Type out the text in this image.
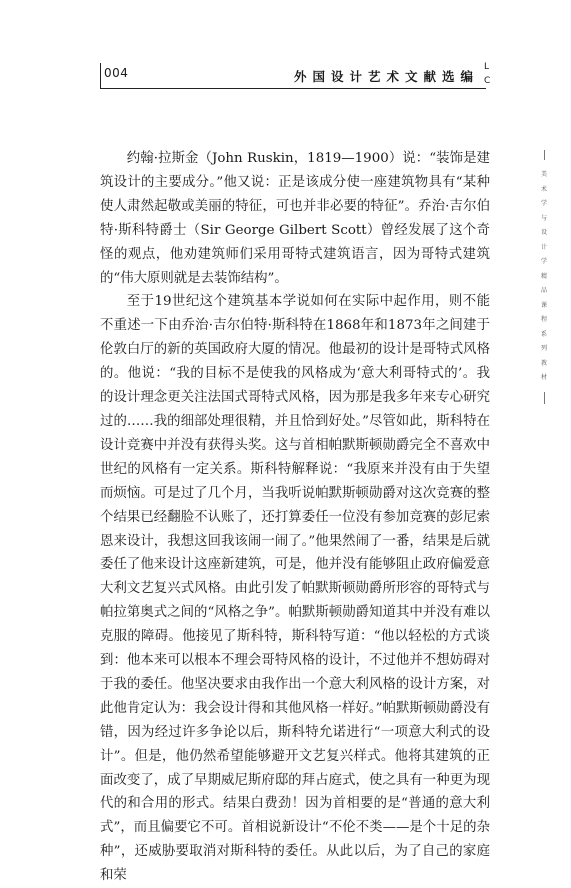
004	外国设计艺术文献选编
L
C
美
术
学
与
设
计
学
精
品
课
程
系
列
教
材

约翰·拉斯金（John Ruskin，1819—1900）说：“装饰是建筑设计的主要成分。”他又说：正是该成分使一座建筑物具有“某种使人肃然起敬或美丽的特征，可也并非必要的特征”。乔治·吉尔伯特·斯科特爵士（Sir George Gilbert Scott）曾经发展了这个奇怪的观点，他劝建筑师们采用哥特式建筑语言，因为哥特式建筑的“伟大原则就是去装饰结构”。

至于19世纪这个建筑基本学说如何在实际中起作用，则不能不重述一下由乔治·吉尔伯特·斯科特在1868年和1873年之间建于伦敦白厅的新的英国政府大厦的情况。他最初的设计是哥特式风格的。他说：“我的目标不是使我的风格成为‘意大利哥特式的’。我的设计理念更关注法国式哥特式风格，因为那是我多年来专心研究过的……我的细部处理很精，并且恰到好处。”尽管如此，斯科特在设计竞赛中并没有获得头奖。这与首相帕默斯顿勋爵完全不喜欢中世纪的风格有一定关系。斯科特解释说：“我原来并没有由于失望而烦恼。可是过了几个月，当我听说帕默斯顿勋爵对这次竞赛的整个结果已经翻脸不认账了，还打算委任一位没有参加竞赛的彭尼索恩来设计，我想这回我该闹一闹了。”他果然闹了一番，结果是后就委任了他来设计这座新建筑，可是，他并没有能够阻止政府偏爱意大利文艺复兴式风格。由此引发了帕默斯顿勋爵所形容的哥特式与帕拉第奥式之间的“风格之争”。帕默斯顿勋爵知道其中并没有难以克服的障碍。他接见了斯科特，斯科特写道：“他以轻松的方式谈到：他本来可以根本不理会哥特风格的设计，不过他并不想妨碍对于我的委任。他坚决要求由我作出一个意大利风格的设计方案，对此他肯定认为：我会设计得和其他风格一样好。”帕默斯顿勋爵没有错，因为经过许多争论以后，斯科特允诺进行“一项意大利式的设计”。但是，他仍然希望能够避开文艺复兴样式。他将其建筑的正面改变了，成了早期威尼斯府邸的拜占庭式，使之具有一种更为现代的和合用的形式。结果白费劲！因为首相要的是“普通的意大利式”，而且偏要它不可。首相说新设计“不伦不类——是个十足的杂种”，还威胁要取消对斯科特的委任。从此以后，为了自己的家庭和荣
